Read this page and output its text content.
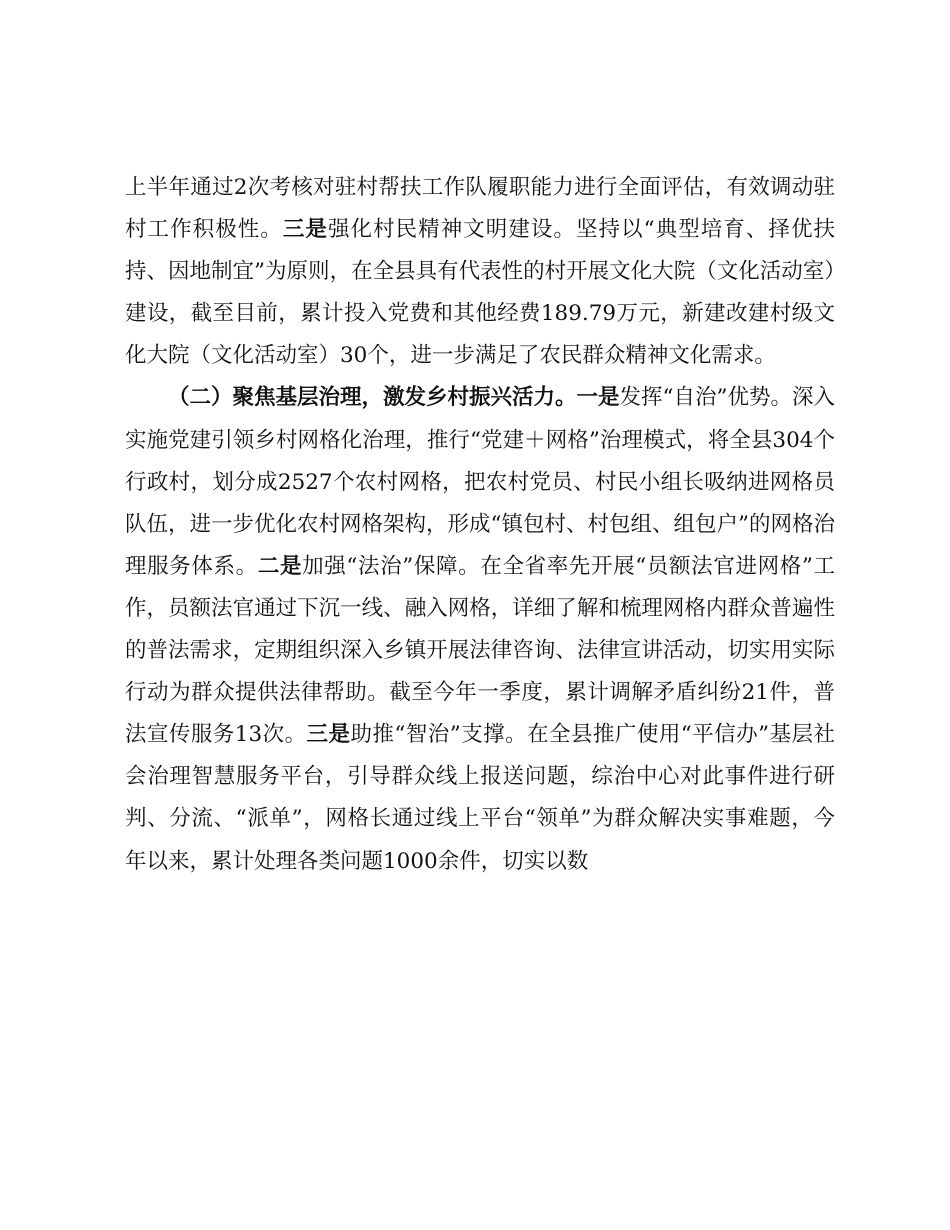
上半年通过2次考核对驻村帮扶工作队履职能力进行全面评估，有效调动驻村工作积极性。三是强化村民精神文明建设。坚持以“典型培育、择优扶持、因地制宜”为原则，在全县具有代表性的村开展文化大院（文化活动室）建设，截至目前，累计投入党费和其他经费189.79万元，新建改建村级文化大院（文化活动室）30个，进一步满足了农民群众精神文化需求。

（二）聚焦基层治理，激发乡村振兴活力。一是发挥“自治”优势。深入实施党建引领乡村网格化治理，推行“党建＋网格”治理模式，将全县304个行政村，划分成2527个农村网格，把农村党员、村民小组长吸纳进网格员队伍，进一步优化农村网格架构，形成“镇包村、村包组、组包户”的网格治理服务体系。二是加强“法治”保障。在全省率先开展“员额法官进网格”工作，员额法官通过下沉一线、融入网格，详细了解和梳理网格内群众普遍性的普法需求，定期组织深入乡镇开展法律咨询、法律宣讲活动，切实用实际行动为群众提供法律帮助。截至今年一季度，累计调解矛盾纠纷21件，普法宣传服务13次。三是助推“智治”支撑。在全县推广使用“平信办”基层社会治理智慧服务平台，引导群众线上报送问题，综治中心对此事件进行研判、分流、“派单”，网格长通过线上平台“领单”为群众解决实事难题，今年以来，累计处理各类问题1000余件，切实以数
